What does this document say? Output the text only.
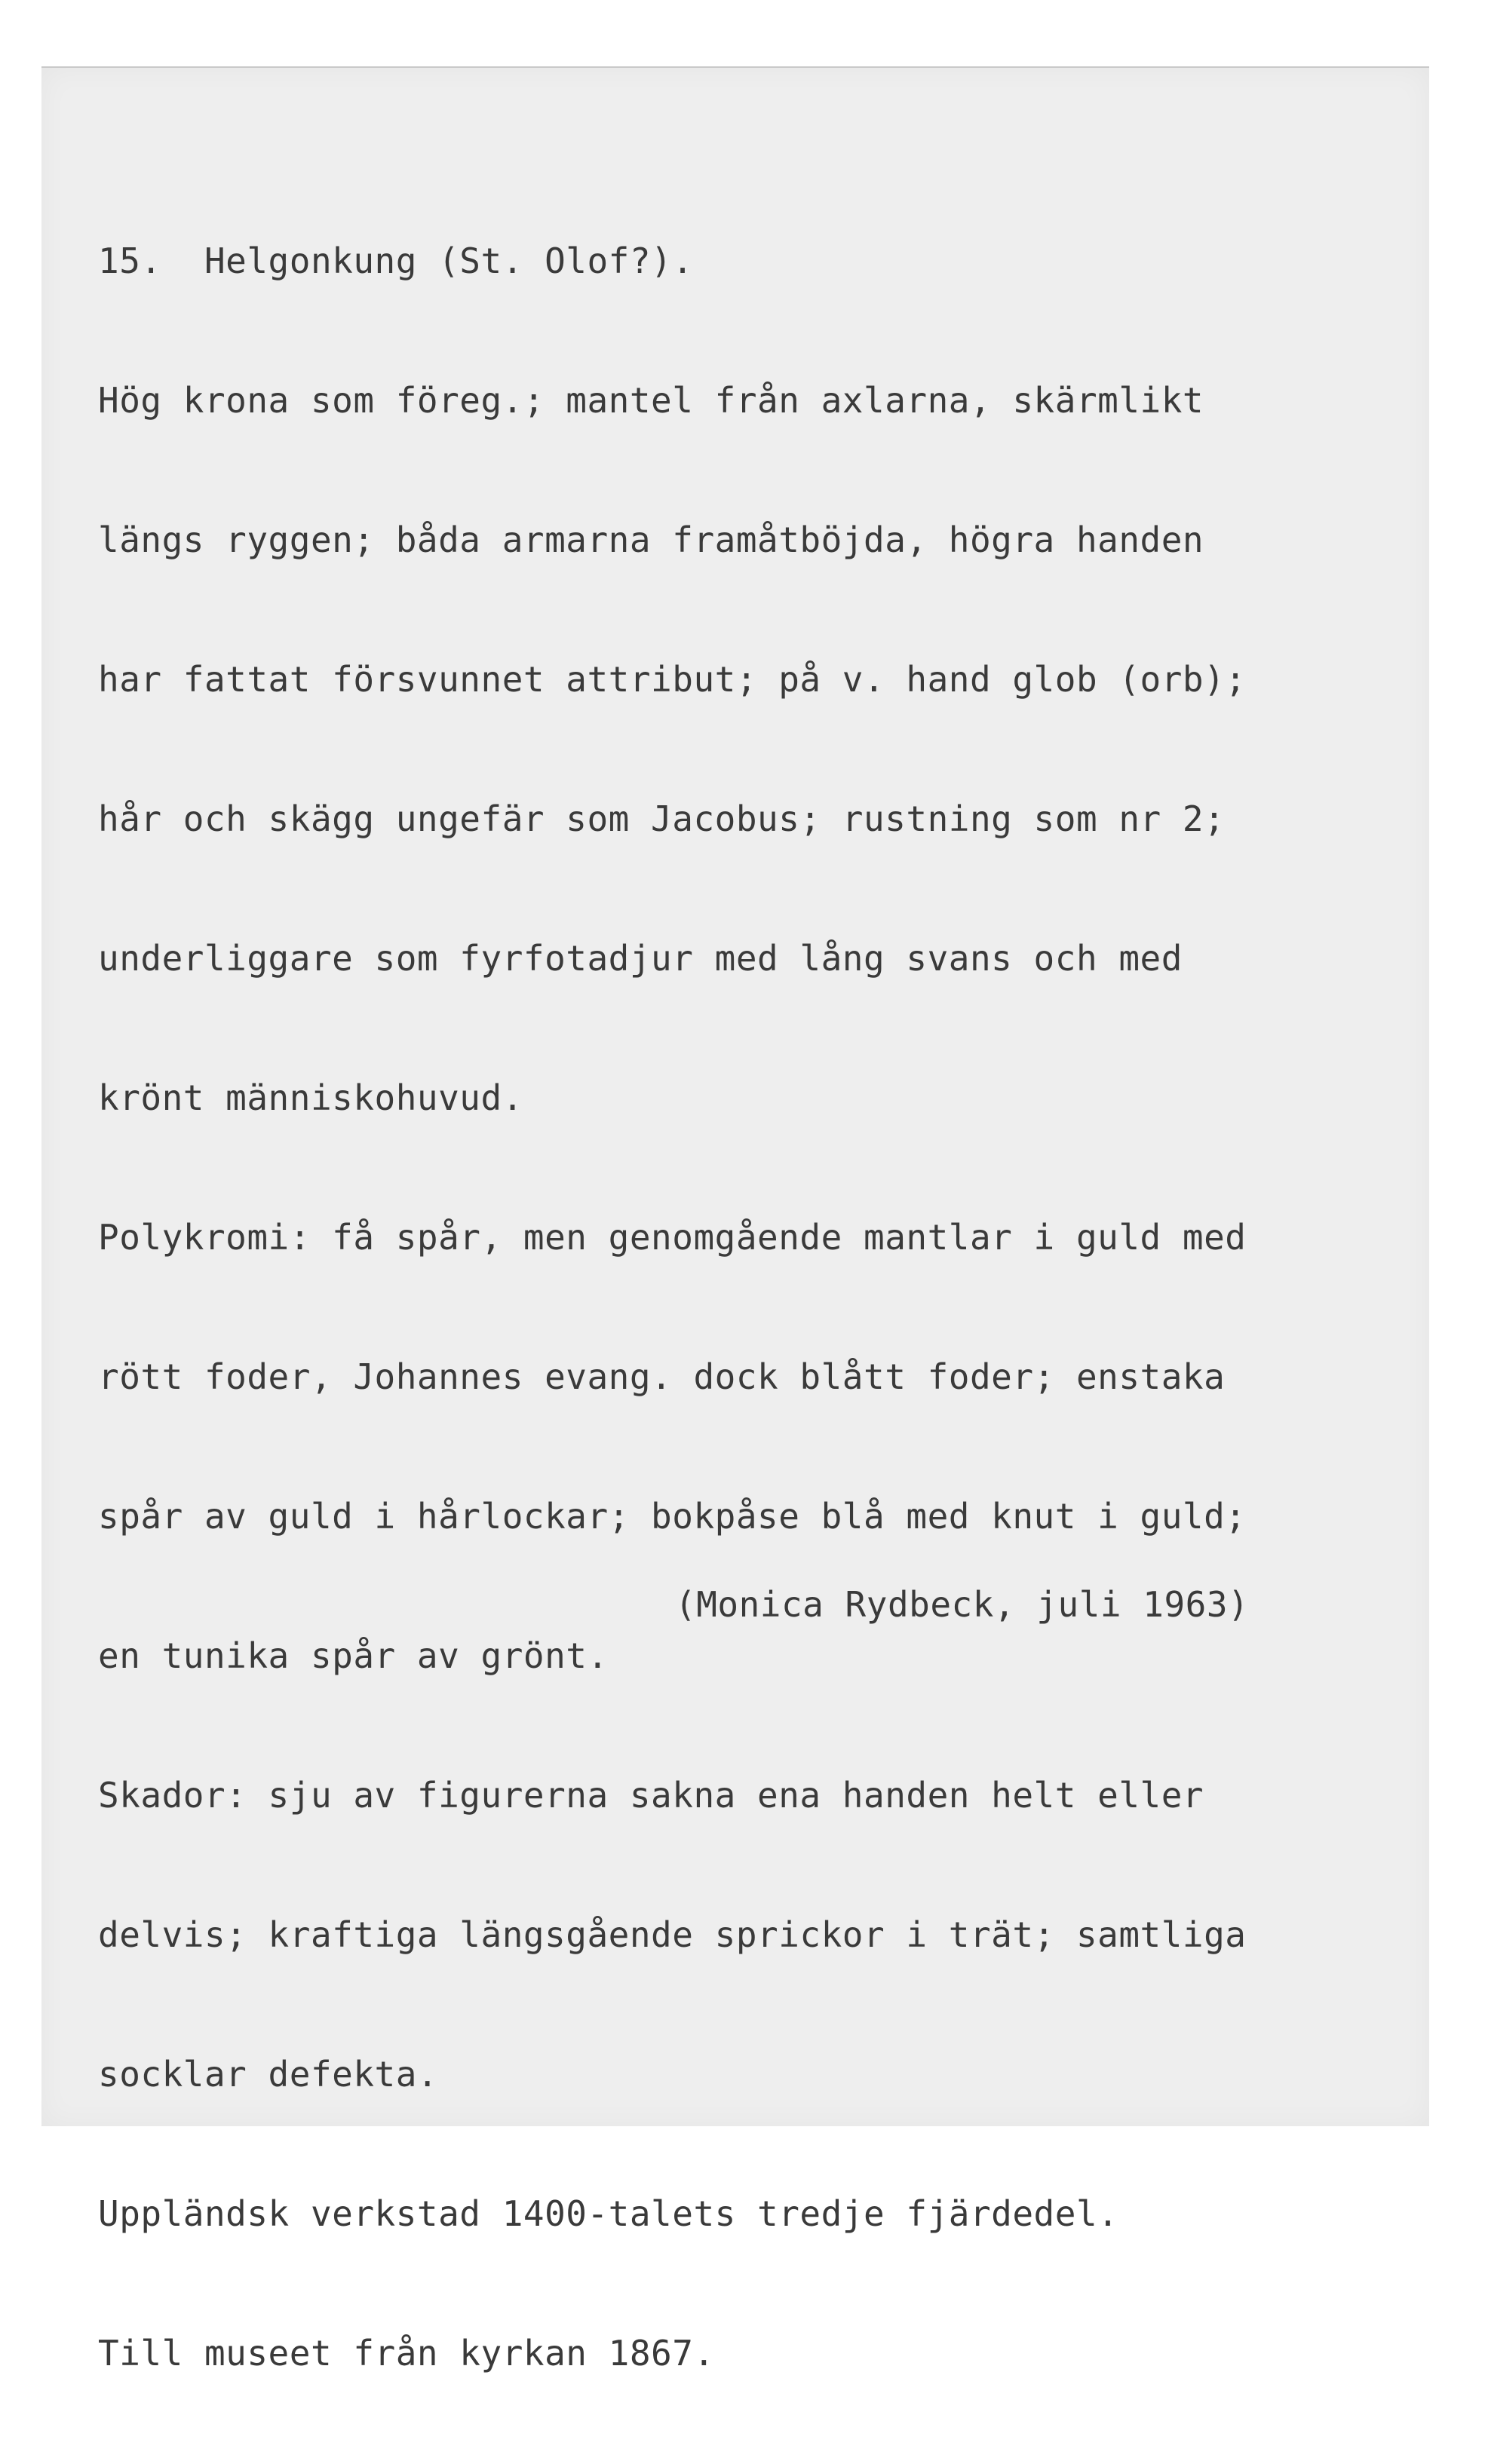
15.  Helgonkung (St. Olof?).

Hög krona som föreg.; mantel från axlarna, skärmlikt

längs ryggen; båda armarna framåtböjda, högra handen

har fattat försvunnet attribut; på v. hand glob (orb);

hår och skägg ungefär som Jacobus; rustning som nr 2;

underliggare som fyrfotadjur med lång svans och med

krönt människohuvud.

Polykromi: få spår, men genomgående mantlar i guld med

rött foder, Johannes evang. dock blått foder; enstaka

spår av guld i hårlockar; bokpåse blå med knut i guld;

en tunika spår av grönt.

Skador: sju av figurerna sakna ena handen helt eller

delvis; kraftiga längsgående sprickor i trät; samtliga

socklar defekta.

Uppländsk verkstad 1400-talets tredje fjärdedel.

Till museet från kyrkan 1867.

(Monica Rydbeck, juli 1963)
